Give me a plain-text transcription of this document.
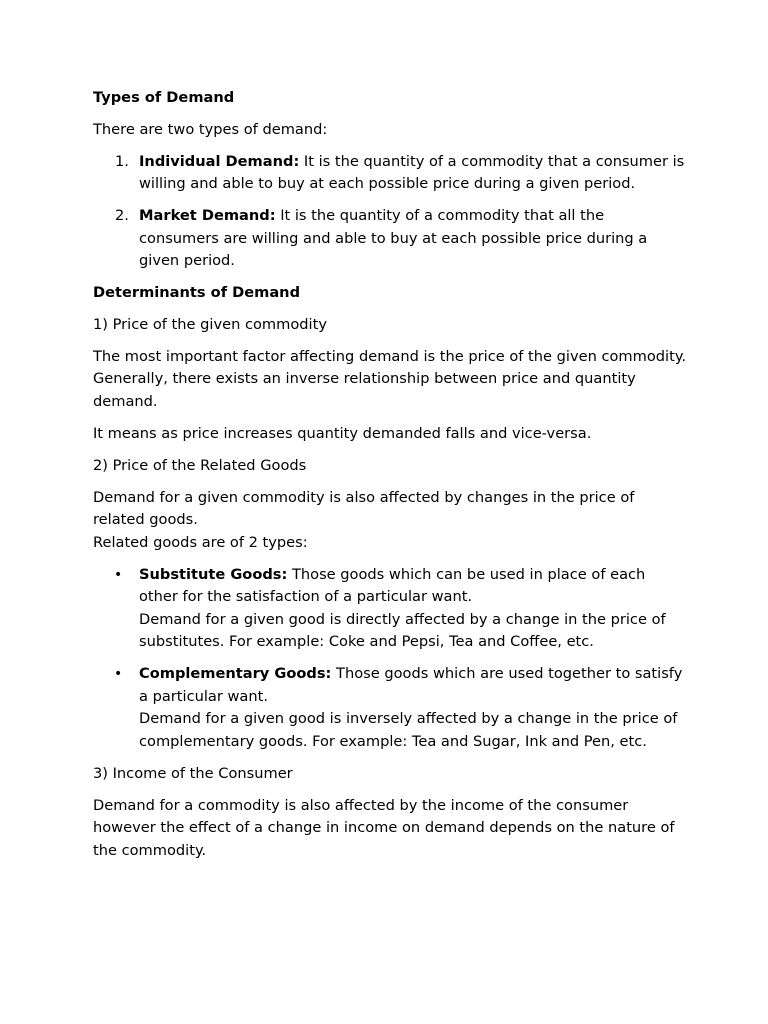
Types of Demand

There are two types of demand:

1. Individual Demand: It is the quantity of a commodity that a consumer is willing and able to buy at each possible price during a given period.
2. Market Demand: It is the quantity of a commodity that all the consumers are willing and able to buy at each possible price during a given period.

Determinants of Demand

1) Price of the given commodity

The most important factor affecting demand is the price of the given commodity. Generally, there exists an inverse relationship between price and quantity demand.

It means as price increases quantity demanded falls and vice-versa.

2) Price of the Related Goods

Demand for a given commodity is also affected by changes in the price of related goods.
Related goods are of 2 types:

• Substitute Goods: Those goods which can be used in place of each other for the satisfaction of a particular want.
Demand for a given good is directly affected by a change in the price of substitutes. For example: Coke and Pepsi, Tea and Coffee, etc.
• Complementary Goods: Those goods which are used together to satisfy a particular want.
Demand for a given good is inversely affected by a change in the price of complementary goods. For example: Tea and Sugar, Ink and Pen, etc.

3) Income of the Consumer

Demand for a commodity is also affected by the income of the consumer however the effect of a change in income on demand depends on the nature of the commodity.
